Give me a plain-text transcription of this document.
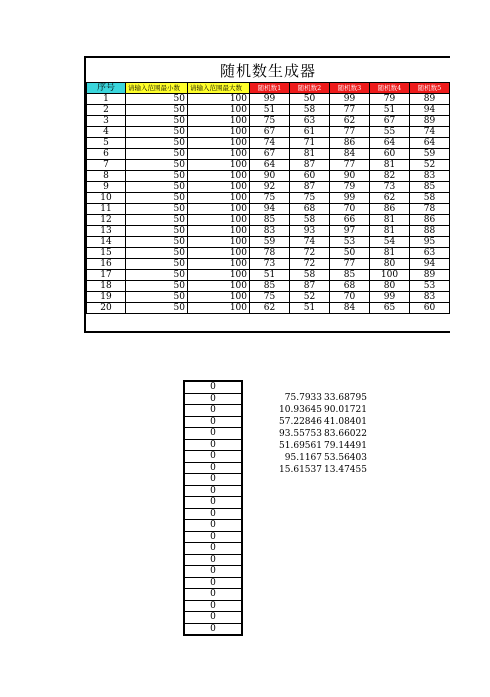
随机数生成器
序号	请输入范围最小数	请输入范围最大数	随机数1	随机数2	随机数3	随机数4	随机数5
1	50	100	99	50	99	79	89
2	50	100	51	58	77	51	94
3	50	100	75	63	62	67	89
4	50	100	67	61	77	55	74
5	50	100	74	71	86	64	64
6	50	100	67	81	84	60	59
7	50	100	64	87	77	81	52
8	50	100	90	60	90	82	83
9	50	100	92	87	79	73	85
10	50	100	75	75	99	62	58
11	50	100	94	68	70	86	78
12	50	100	85	58	66	81	86
13	50	100	83	93	97	81	88
14	50	100	59	74	53	54	95
15	50	100	78	72	50	81	63
16	50	100	73	72	77	80	94
17	50	100	51	58	85	100	89
18	50	100	85	87	68	80	53
19	50	100	75	52	70	99	83
20	50	100	62	51	84	65	60
0
0
0
0
0
0
0
0
0
0
0
0
0
0
0
0
0
0
0
0
0
0
75.7933 33.68795
10.93645 90.01721
57.22846 41.08401
93.55753 83.66022
51.69561 79.14491
95.1167 53.56403
15.61537 13.47455
